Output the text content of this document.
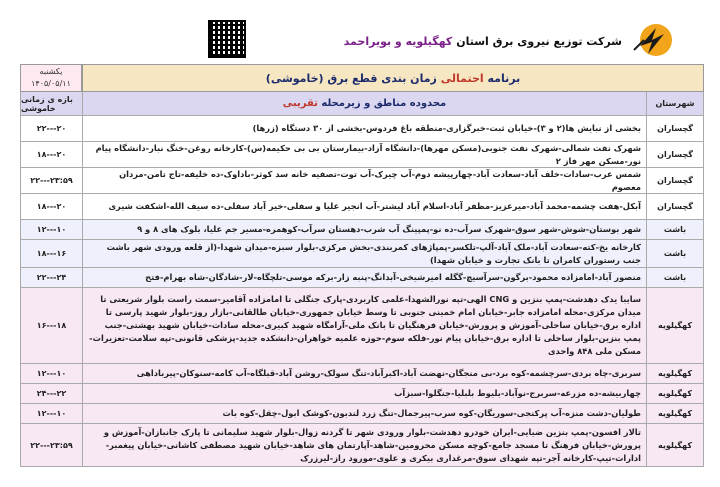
شرکت توزیع نیروی برق استان کهگیلویه و بویراحمد
یکشنبه
۱۴۰۵/۰۵/۱۱	برنامه

احتمالی

زمان بندی قطع برق (خاموشی)
شهرستان
محدوده مناطق و زیرمحله

تقریبی
بازه ی زمانی خاموشی
گچساران
بخشی از نبایش ها(۲ و ۳)-خیابان ثبت-خبرگزاری-منطقه باغ فردوس-بخشی از ۳۰ دستگاه (زرها)
۲۲---۲۰
گچساران
شهرک نفت شمالی-شهرک نفت جنوبی(مسکن مهرها)-دانشگاه آزاد-بیمارستان بی بی حکیمه(س)-کارخانه روغن-خنگ نبار-دانشگاه پیام نور-مسکن مهر فاز ۲
۱۸---۲۰
گچساران
شمس عرب-سادات-خلف آباد-سعادت آباد-چهارپیشه دوم-آب چیرک-آب توت-تصفیه خانه سد کوثر-باداوک-ده خلیفه-تاج تامن-مردان معصوم
۲۲---۲۳:۵۹
گچساران
آبکل-هفت چشمه-محمد آباد-میرعزیز-مظفر آباد-اسلام آباد لیشتر-آب انجیر علیا و سفلی-خیر آباد سفلی-ده سیف الله-اشکفت شیری
۱۸---۲۰
باشت
شهر بوستان-شوش-شهر سوق-شهرک سرآب-ده نو-پمپینگ آب شرب-دهستان سرآب-کوهمره-مسیر جم علیا، بلوک های ۸ و ۹
۱۲---۱۰
باشت
کارخانه یخ-کته-سعادت آباد-ملک آباد-آلپ-تلکسر-پمپاژهای کمربندی-بخش مرکزی-بلوار سبزه-میدان شهدا-(از قلعه ورودی شهر باشت جنب رستوران کامران تا بانک تجارت و خیابان شهدا)
۱۸---۱۶
باشت
منصور آباد-امامزاده محمود-برگون-سرآسیچ-گگله امیرشیخی-آبدانگ-پنبه زار-برکه موسی-تلچگاه-لار-شادگان-شاه بهرام-فتح
۲۲---۲۴
کهگیلویه
سایبا یدک دهدشت-پمپ بنزین و CNG الهی-تپه نورالشهدا-علمی کاربردی-پارک جنگلی تا امامزاده آقامیر-سمت راست بلوار شریعتی تا میدان مرکزی-محله امامزاده جابر-خیابان امام خمینی جنوبی تا وسط خیابان جمهوری-خیابان طالقانی-بازار روز-بلوار شهید پارسی تا اداره برق-خیابان ساحلی-آموزش و پرورش-خیابان فرهنگیان تا بانک ملی-آرامگاه شهید کبیری-محله سادات-خیابان شهید بهشتی-جنب پمپ بنزین-بلوار ساحلی تا اداره برق-خیابان پیام نور-فلکه سوم-حوزه علمیه خواهران-دانشکده جدید-پزشکی قانونی-تپه سلامت-تعزیرات-مسکن ملی ۸۴۸ واحدی
۱۶---۱۸
کهگیلویه
سربری-چاه بردی-سرچشمه-کوه برد-بی منجگان-نهضت آباد-اکبرآباد-تنگ سولک-روشن آباد-قبلگاه-آب کامه-سنوکان-پیرباداهی
۱۲---۱۰
کهگیلویه
چهاربیشه-ده مزرعه-سربرج-نوآباد-بلیوط بلبلیا-جنگلوا-سبزآب
۲۴---۲۲
کهگیلویه
طولیان-دشت منزه-آب پرکنجی-سوریگان-کوه سرب-پیرجمال-تنگ زرد لندبون-کوشک ابول-چقل-کوه بات
۱۲---۱۰
کهگیلویه
تالار افسون-پمپ بنزین ضیایی-ایران خودرو دهدشت-بلوار ورودی شهر تا گردنه زوال-بلوار شهید سلیمانی تا پارک جانبازان-آموزش و پرورش-خیابان فرهنگ تا مسجد جامع-کوچه مسکن محرومین-شاهد-آپارتمان های شاهد-خیابان شهید مصطفی کاشانی-خیابان پیغمبر-ادارات-تیپ-کارخانه آجر-تپه شهدای سوق-مرغداری بیکری و علوی-مورود راز-لیرزرک
۲۲---۲۳:۵۹
